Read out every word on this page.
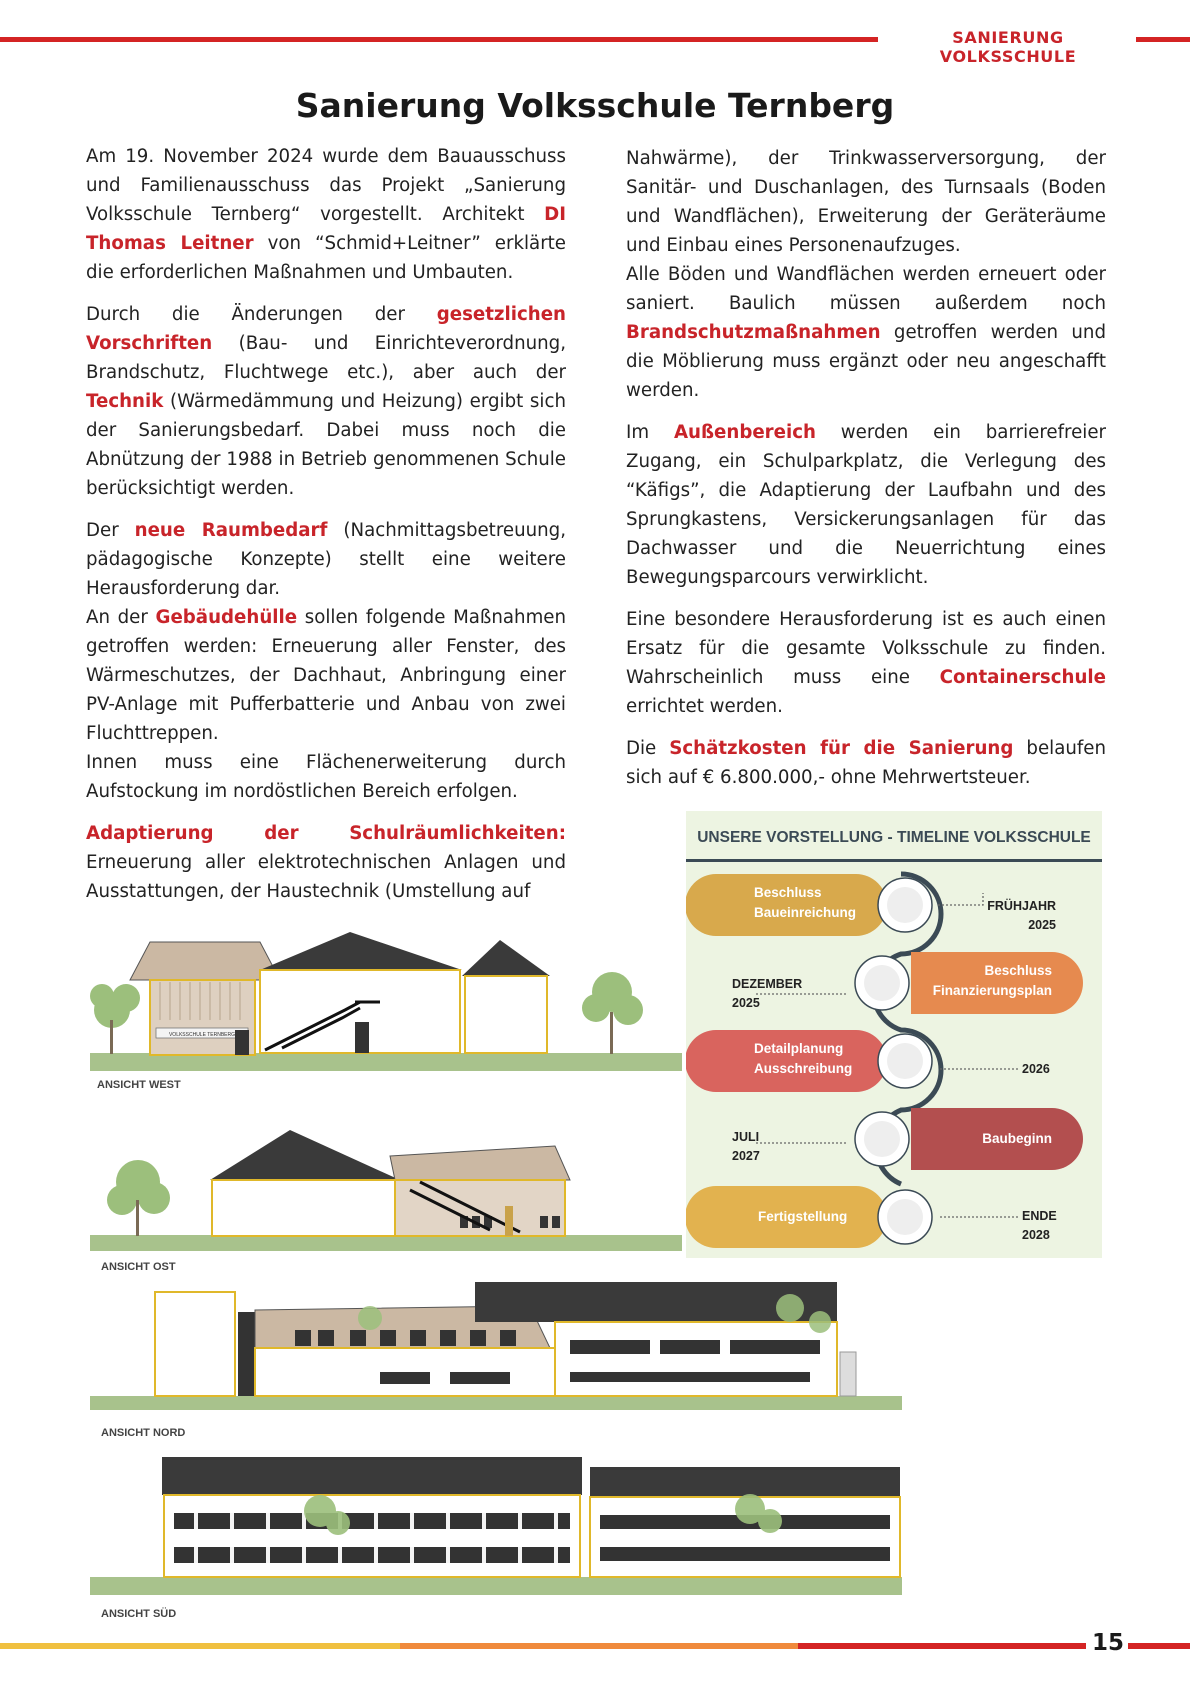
SANIERUNG VOLKSSCHULE
Sanierung Volksschule Ternberg

Am 19. November 2024 wurde dem Bauausschuss und Familienausschuss das Projekt „Sanierung Volksschule Ternberg“ vorgestellt. Architekt DI Thomas Leitner von “Schmid+Leitner” erklärte die erforderlichen Maßnahmen und Umbauten.

Durch die Änderungen der gesetzlichen Vorschriften (Bau- und Einrichteverordnung, Brandschutz, Fluchtwege etc.), aber auch der Technik (Wärmedämmung und Heizung) ergibt sich der Sanierungsbedarf. Dabei muss noch die Abnützung der 1988 in Betrieb genommenen Schule berücksichtigt werden.

Der neue Raumbedarf (Nachmittagsbetreuung, pädagogische Konzepte) stellt eine weitere Herausforderung dar.

An der Gebäudehülle sollen folgende Maßnahmen getroffen werden: Erneuerung aller Fenster, des Wärmeschutzes, der Dachhaut, Anbringung einer PV-Anlage mit Pufferbatterie und Anbau von zwei Fluchttreppen.

Innen muss eine Flächenerweiterung durch Aufstockung im nordöstlichen Bereich erfolgen.

Adaptierung der Schulräumlichkeiten: Erneuerung aller elektrotechnischen Anlagen und Ausstattungen, der Haustechnik (Umstellung auf

Nahwärme), der Trinkwasserversorgung, der Sanitär- und Duschanlagen, des Turnsaals (Boden und Wandflächen), Erweiterung der Geräteräume und Einbau eines Personenaufzuges.

Alle Böden und Wandflächen werden erneuert oder saniert. Baulich müssen außerdem noch Brandschutzmaßnahmen getroffen werden und die Möblierung muss ergänzt oder neu angeschafft werden.

Im Außenbereich werden ein barrierefreier Zugang, ein Schulparkplatz, die Verlegung des “Käfigs”, die Adaptierung der Laufbahn und des Sprungkastens, Versickerungsanlagen für das Dachwasser und die Neuerrichtung eines Bewegungsparcours verwirklicht.

Eine besondere Herausforderung ist es auch einen Ersatz für die gesamte Volksschule zu finden. Wahrscheinlich muss eine Containerschule errichtet werden.

Die Schätzkosten für die Sanierung belaufen sich auf € 6.800.000,- ohne Mehrwertsteuer.

VOLKSSCHULE TERNBERG
ANSICHT WEST
ANSICHT OST
ANSICHT NORD
ANSICHT SÜD
UNSERE VORSTELLUNG - TIMELINE VOLKSSCHULE
Beschluss
Baueinreichung	FRÜHJAHR
2025
Beschluss
Finanzierungsplan
DEZEMBER
2025
Detailplanung
Ausschreibung	2026
Baubeginn
JULI
2027
Fertigstellung	ENDE
2028
15
